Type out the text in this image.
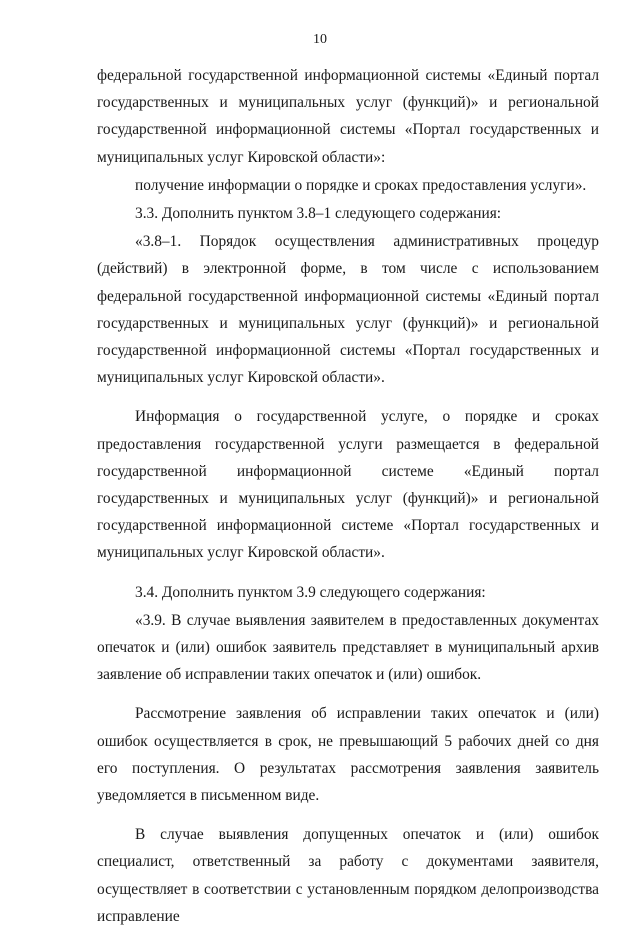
10

федеральной государственной информационной системы «Единый портал государственных и муниципальных услуг (функций)» и региональной государственной информационной системы «Портал государственных и муниципальных услуг Кировской области»:

получение информации о порядке и сроках предоставления услуги».

3.3. Дополнить пунктом 3.8–1 следующего содержания:

«3.8–1. Порядок осуществления административных процедур (действий) в электронной форме, в том числе с использованием федеральной государственной информационной системы «Единый портал государственных и муниципальных услуг (функций)» и региональной государственной информационной системы «Портал государственных и муниципальных услуг Кировской области».

Информация о государственной услуге, о порядке и сроках предоставления государственной услуги размещается в федеральной государственной информационной системе «Единый портал государственных и муниципальных услуг (функций)» и региональной государственной информационной системе «Портал государственных и муниципальных услуг Кировской области».

3.4. Дополнить пунктом 3.9 следующего содержания:

«3.9. В случае выявления заявителем в предоставленных документах опечаток и (или) ошибок заявитель представляет в муниципальный архив заявление об исправлении таких опечаток и (или) ошибок.

Рассмотрение заявления об исправлении таких опечаток и (или) ошибок осуществляется в срок, не превышающий 5 рабочих дней со дня его поступления. О результатах рассмотрения заявления заявитель уведомляется в письменном виде.

В случае выявления допущенных опечаток и (или) ошибок специалист, ответственный за работу с документами заявителя, осуществляет в соответствии с установленным порядком делопроизводства исправление
